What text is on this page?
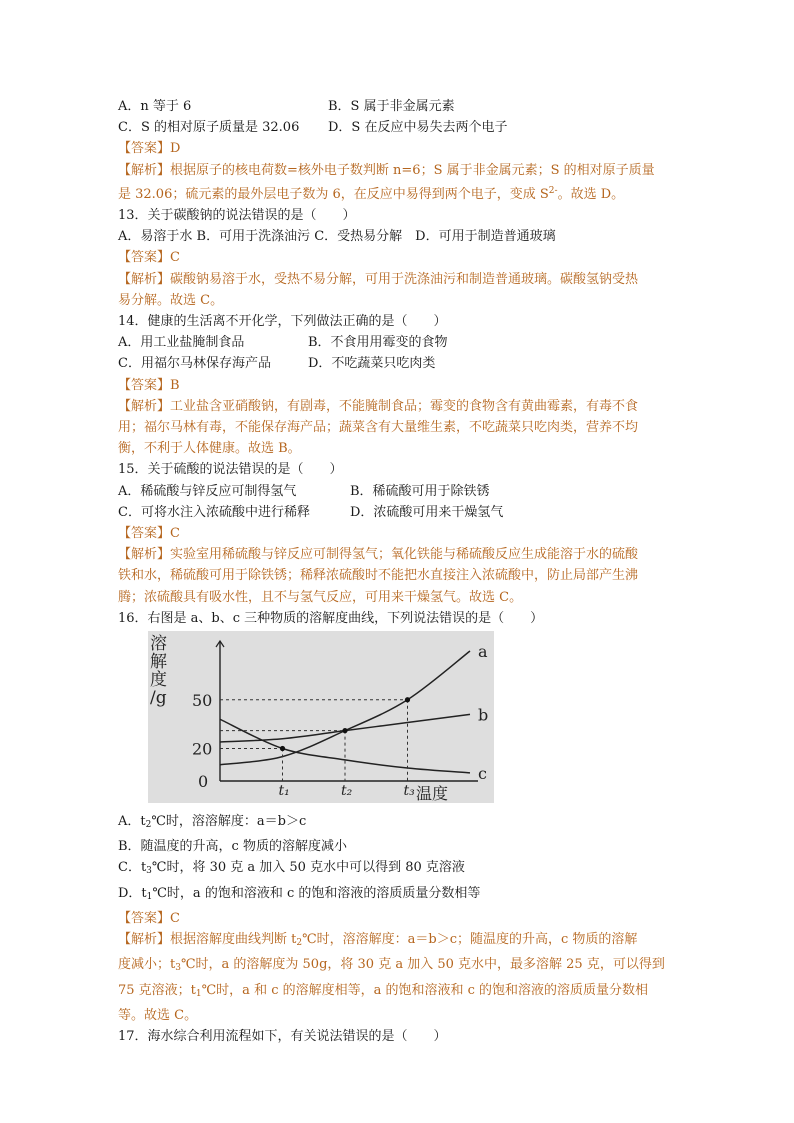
A．n 等于 6	B．S 属于非金属元素
C．S 的相对原子质量是 32.06	D．S 在反应中易失去两个电子
【答案】D
【解析】根据原子的核电荷数=核外电子数判断 n=6；S 属于非金属元素；S 的相对原子质量
是 32.06；硫元素的最外层电子数为 6，在反应中易得到两个电子，变成 $S^{2-}$。故选 D。
13．关于碳酸钠的说法错误的是（　　）
A．易溶于水 B．可用于洗涤油污 C．受热易分解　D．可用于制造普通玻璃
【答案】C
【解析】碳酸钠易溶于水，受热不易分解，可用于洗涤油污和制造普通玻璃。碳酸氢钠受热
易分解。故选 C。
14．健康的生活离不开化学，下列做法正确的是（　　）
A．用工业盐腌制食品	B．不食用用霉变的食物
C．用福尔马林保存海产品	D．不吃蔬菜只吃肉类
【答案】B
【解析】工业盐含亚硝酸钠，有剧毒，不能腌制食品；霉变的食物含有黄曲霉素，有毒不食
用；福尔马林有毒，不能保存海产品；蔬菜含有大量维生素，不吃蔬菜只吃肉类，营养不均
衡，不利于人体健康。故选 B。
15．关于硫酸的说法错误的是（　　）
A．稀硫酸与锌反应可制得氢气	B．稀硫酸可用于除铁锈
C．可将水注入浓硫酸中进行稀释	D．浓硫酸可用来干燥氢气
【答案】C
【解析】实验室用稀硫酸与锌反应可制得氢气；氧化铁能与稀硫酸反应生成能溶于水的硫酸
铁和水，稀硫酸可用于除铁锈；稀释浓硫酸时不能把水直接注入浓硫酸中，防止局部产生沸
腾；浓硫酸具有吸水性，且不与氢气反应，可用来干燥氢气。故选 C。
16．右图是 a、b、c 三种物质的溶解度曲线，下列说法错误的是（　　）
溶
解
度
/g
温度
0
20
50
a
b
c
t₁	t₂	t₃
A．$t_2℃$时，溶溶解度：a＝b＞c
B．随温度的升高，c 物质的溶解度减小
C．$t_3℃$时，将 30 克 a 加入 50 克水中可以得到 80 克溶液
D．$t_1℃$时，a 的饱和溶液和 c 的饱和溶液的溶质质量分数相等
【答案】C
【解析】根据溶解度曲线判断 $t_2℃$时，溶溶解度：a＝b＞c；随温度的升高，c 物质的溶解
度减小；$t_3℃$时，a 的溶解度为 50g，将 30 克 a 加入 50 克水中，最多溶解 25 克，可以得到
75 克溶液；$t_1℃$时，a 和 c 的溶解度相等，a 的饱和溶液和 c 的饱和溶液的溶质质量分数相
等。故选 C。
17．海水综合利用流程如下，有关说法错误的是（　　）
